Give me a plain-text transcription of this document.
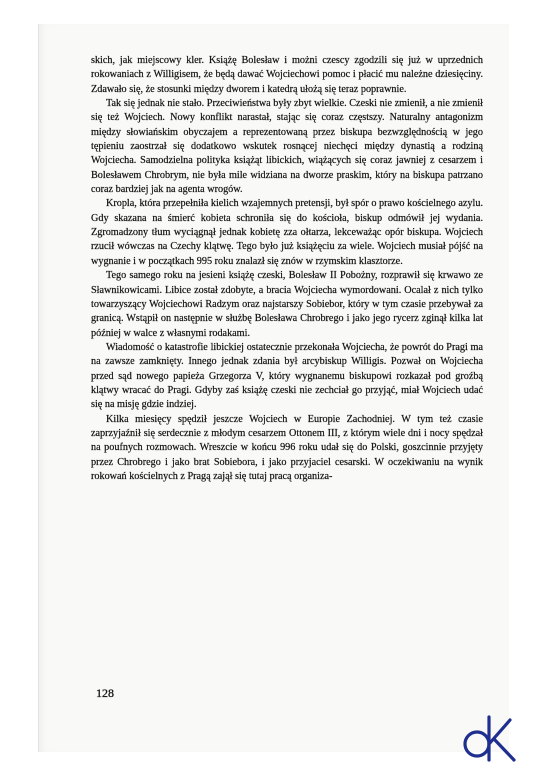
skich, jak miejscowy kler. Książę Bolesław i możni czescy zgodzili się już w uprzednich rokowaniach z Willigisem, że będą dawać Wojciechowi pomoc i płacić mu należne dziesięciny. Zdawało się, że stosunki między dworem i katedrą ułożą się teraz poprawnie.

Tak się jednak nie stało. Przeciwieństwa były zbyt wielkie. Czeski nie zmienił, a nie zmienił się też Wojciech. Nowy konflikt narastał, stając się coraz częstszy. Naturalny antagonizm między słowiańskim obyczajem a reprezentowaną przez biskupa bezwzględnością w jego tępieniu zaostrzał się dodatkowo wskutek rosnącej niechęci między dynastią a rodziną Wojciecha. Samodzielna polityka książąt libickich, wiążących się coraz jawniej z cesarzem i Bolesławem Chrobrym, nie była mile widziana na dworze praskim, który na biskupa patrzano coraz bardziej jak na agenta wrogów.

Kropla, która przepełniła kielich wzajemnych pretensji, był spór o prawo kościelnego azylu. Gdy skazana na śmierć kobieta schroniła się do kościoła, biskup odmówił jej wydania. Zgromadzony tłum wyciągnął jednak kobietę zza ołtarza, lekceważąc opór biskupa. Wojciech rzucił wówczas na Czechy klątwę. Tego było już książęciu za wiele. Wojciech musiał pójść na wygnanie i w początkach 995 roku znalazł się znów w rzymskim klasztorze.

Tego samego roku na jesieni książę czeski, Bolesław II Pobożny, rozprawił się krwawo ze Sławnikowicami. Libice został zdobyte, a bracia Wojciecha wymordowani. Ocalał z nich tylko towarzyszący Wojciechowi Radzym oraz najstarszy Sobiebor, który w tym czasie przebywał za granicą. Wstąpił on następnie w służbę Bolesława Chrobrego i jako jego rycerz zginął kilka lat później w walce z własnymi rodakami.

Wiadomość o katastrofie libickiej ostatecznie przekonała Wojciecha, że powrót do Pragi ma na zawsze zamknięty. Innego jednak zdania był arcybiskup Willigis. Pozwał on Wojciecha przed sąd nowego papieża Grzegorza V, który wygnanemu biskupowi rozkazał pod groźbą klątwy wracać do Pragi. Gdyby zaś książę czeski nie zechciał go przyjąć, miał Wojciech udać się na misję gdzie indziej.

Kilka miesięcy spędził jeszcze Wojciech w Europie Zachodniej. W tym też czasie zaprzyjaźnił się serdecznie z młodym cesarzem Ottonem III, z którym wiele dni i nocy spędzał na poufnych rozmowach. Wreszcie w końcu 996 roku udał się do Polski, goszcinnie przyjęty przez Chrobrego i jako brat Sobiebora, i jako przyjaciel cesarski. W oczekiwaniu na wynik rokowań kościelnych z Pragą zajął się tutaj pracą organiza-

128
